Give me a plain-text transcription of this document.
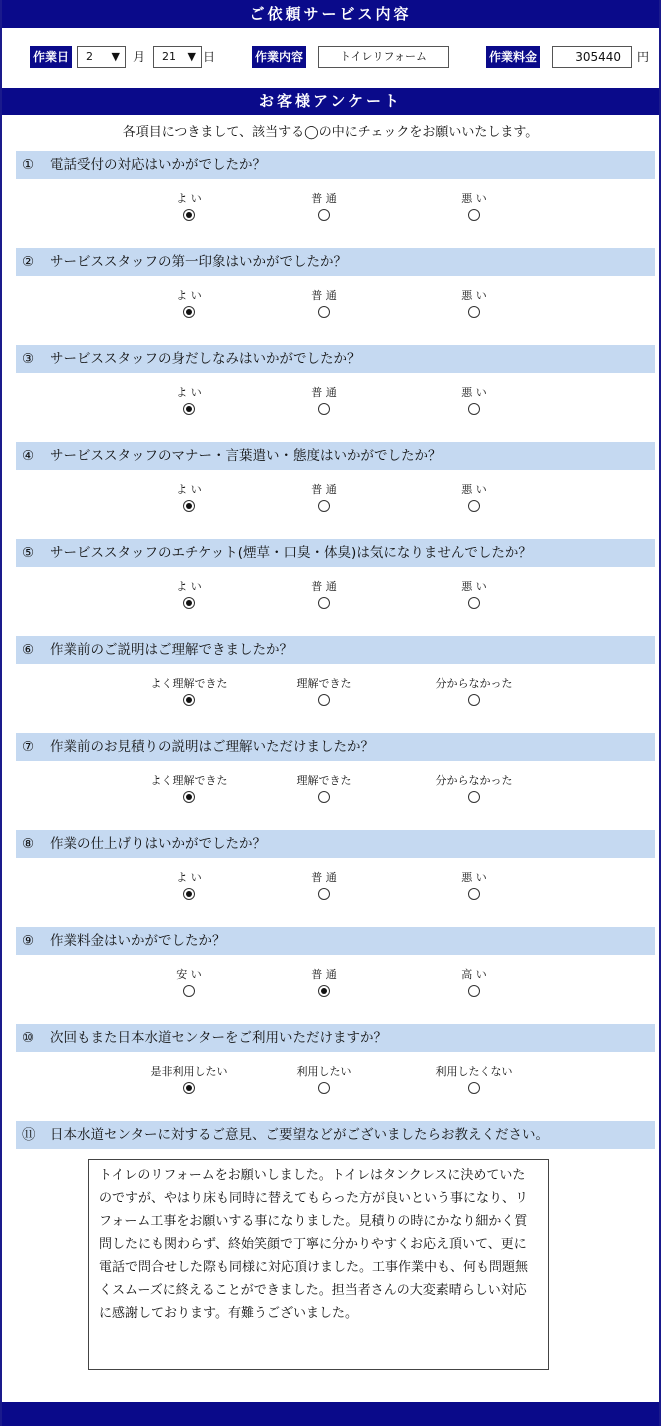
ご依頼サービス内容
作業日	2 ▼ 月	21 ▼ 日	作業内容	トイレリフォーム	作業料金	305440	円
お客様アンケート
各項目につきまして、該当する◯の中にチェックをお願いいたします。
① 電話受付の対応はいかがでしたか？
よ い	普 通	悪 い
② サービススタッフの第一印象はいかがでしたか？
よ い	普 通	悪 い
③ サービススタッフの身だしなみはいかがでしたか？
よ い	普 通	悪 い
④ サービススタッフのマナー・言葉遣い・態度はいかがでしたか？
よ い	普 通	悪 い
⑤ サービススタッフのエチケット(煙草・口臭・体臭)は気になりませんでしたか？
よ い	普 通	悪 い
⑥ 作業前のご説明はご理解できましたか？
よく理解できた	理解できた	分からなかった
⑦ 作業前のお見積りの説明はご理解いただけましたか？
よく理解できた	理解できた	分からなかった
⑧ 作業の仕上げりはいかがでしたか？
よ い	普 通	悪 い
⑨ 作業料金はいかがでしたか？
安 い	普 通	高 い
⑩ 次回もまた日本水道センターをご利用いただけますか？
是非利用したい	利用したい	利用したくない
⑪ 日本水道センターに対するご意見、ご要望などがございましたらお教えください。
トイレのリフォームをお願いしました。トイレはタンクレスに決めていたのですが、やはり床も同時に替えてもらった方が良いという事になり、リフォーム工事をお願いする事になりました。見積りの時にかなり細かく質問したにも関わらず、終始笑顔で丁寧に分かりやすくお応え頂いて、更に電話で問合せした際も同様に対応頂けました。工事作業中も、何も問題無くスムーズに終えることができました。担当者さんの大変素晴らしい対応に感謝しております。有難うございました。
